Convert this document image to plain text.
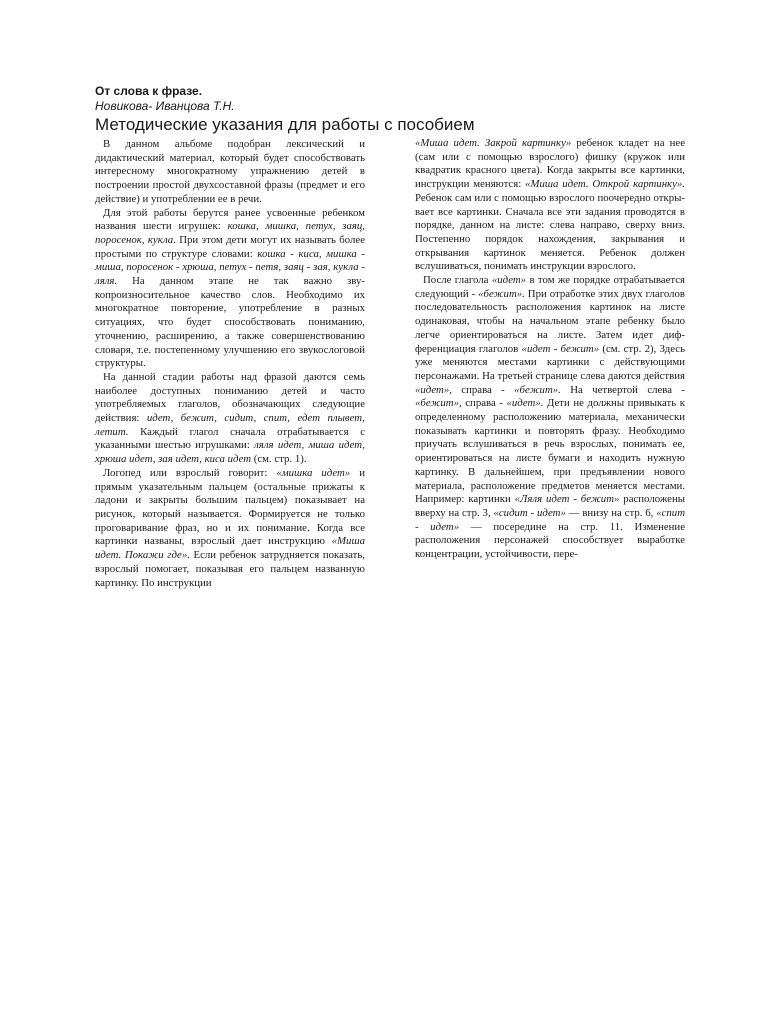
От слова к фразе.
Новикова- Иванцова Т.Н.
Методические указания для работы с пособием

В данном альбоме подобран лексический и дидактический материал, который будет способствовать интересному многократному упражнению детей в построении простой двухсоставной фразы (предмет и его действие) и употреблении ее в речи.

Для этой работы берутся ранее усвоенные ребенком названия шести игрушек: кошка, мишка, петух, заяц, поросенок, кукла. При этом дети могут их называть более простыми по структуре словами: кошка - киса, мишка - миша, поросенок - хрюша, петух - петя, заяц - зая, кукла - ляля. На данном этапе не так важно звукопроизносительное качество слов. Необходимо их многократное повторение, употребление в разных ситуациях, что будет способствовать пониманию, уточнению, расширению, а также совершенствованию словаря, т.е. постепенному улучшению его звукослоговой структуры.

На данной стадии работы над фразой даются семь наиболее доступных пониманию детей и часто употребляемых глаголов, обозначающих следующие действия: идет, бежит, сидит, спит, едет плывет, летит. Каждый глагол сначала отрабатывается с указанными шестью игрушками: ляля идет, миша идет, хрюша идет, зая идет, киса идет (см. стр. 1).

Логопед или взрослый говорит: «мишка идет» и прямым указательным пальцем (остальные прижаты к ладони и закрыты большим пальцем) показывает на рисунок, который называется. Формируется не только проговаривание фраз, но и их понимание. Когда все картинки названы, взрослый дает инструкцию «Миша идет. Покажи где». Если ребенок затрудняется показать, взрослый помогает, показывая его пальцем названную картинку. По инструкции

«Миша идет. Закрой картинку» ребенок кладет на нее (сам или с помощью взрослого) фишку (кружок или квадратик красного цвета). Когда закрыты все картинки, инструкции меняются: «Миша идет. Открой картинку». Ребенок сам или с помощью взрослого поочередно открывает все картинки. Сначала все эти задания проводятся в порядке, данном на листе: слева направо, сверху вниз. Постепенно порядок нахождения, закрывания и открывания картинок меняется. Ребенок должен вслушиваться, понимать инструкции взрослого.

После глагола «идет» в том же порядке отрабатывается следующий - «бежит». При отработке этих двух глаголов последовательность расположения картинок на листе одинаковая, чтобы на начальном этапе ребенку было легче ориентироваться на листе. Затем идет дифференциация глаголов «идет - бежит» (см. стр. 2), Здесь уже меняются местами картинки с действующими персонажами. На третьей странице слева даются действия «идет», справа - «бежит». На четвертой слева - «бежит», справа - «идет». Дети не должны привыкать к определенному расположению материала, механически показывать картинки и повторять фразу. Необходимо приучать вслушиваться в речь взрослых, понимать ее, ориентироваться на листе бумаги и находить нужную картинку. В дальнейшем, при предъявлении нового материала, расположение предметов меняется местами. Например: картинки «Ляля идет - бежит» расположены вверху на стр. 3, «сидит - идет» — внизу на стр. 6, «спит - идет» — посередине на стр. 11. Изменение расположения персонажей способствует выработке концентрации, устойчивости, пере-
